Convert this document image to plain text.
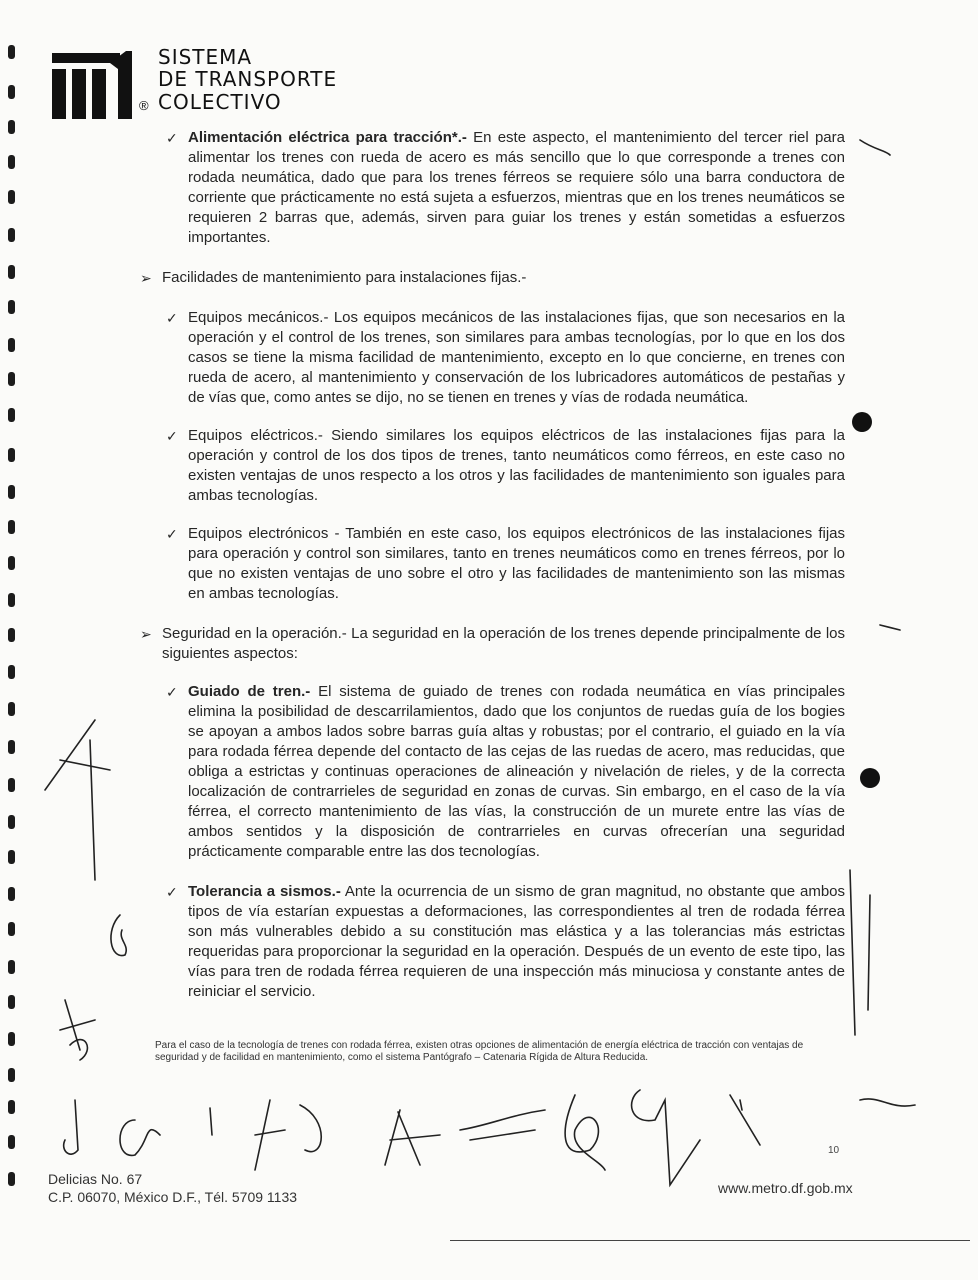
®
SISTEMA
DE TRANSPORTE
COLECTIVO
✓ Alimentación eléctrica para tracción*.- En este aspecto, el mantenimiento del tercer riel para alimentar los trenes con rueda de acero es más sencillo que lo que corresponde a trenes con rodada neumática, dado que para los trenes férreos se requiere sólo una barra conductora de corriente que prácticamente no está sujeta a esfuerzos, mientras que en los trenes neumáticos se requieren 2 barras que, además, sirven para guiar los trenes y están sometidas a esfuerzos importantes.
➢ Facilidades de mantenimiento para instalaciones fijas.-
✓ Equipos mecánicos.- Los equipos mecánicos de las instalaciones fijas, que son necesarios en la operación y el control de los trenes, son similares para ambas tecnologías, por lo que en los dos casos se tiene la misma facilidad de mantenimiento, excepto en lo que concierne, en trenes con rueda de acero, al mantenimiento y conservación de los lubricadores automáticos de pestañas y de vías que, como antes se dijo, no se tienen en trenes y vías de rodada neumática.
✓ Equipos eléctricos.- Siendo similares los equipos eléctricos de las instalaciones fijas para la operación y control de los dos tipos de trenes, tanto neumáticos como férreos, en este caso no existen ventajas de unos respecto a los otros y las facilidades de mantenimiento son iguales para ambas tecnologías.
✓ Equipos electrónicos - También en este caso, los equipos electrónicos de las instalaciones fijas para operación y control son similares, tanto en trenes neumáticos como en trenes férreos, por lo que no existen ventajas de uno sobre el otro y las facilidades de mantenimiento son las mismas en ambas tecnologías.
➢ Seguridad en la operación.- La seguridad en la operación de los trenes depende principalmente de los siguientes aspectos:
✓ Guiado de tren.- El sistema de guiado de trenes con rodada neumática en vías principales elimina la posibilidad de descarrilamientos, dado que los conjuntos de ruedas guía de los bogies se apoyan a ambos lados sobre barras guía altas y robustas; por el contrario, el guiado en la vía para rodada férrea depende del contacto de las cejas de las ruedas de acero, mas reducidas, que obliga a estrictas y continuas operaciones de alineación y nivelación de rieles, y de la correcta localización de contrarrieles de seguridad en zonas de curvas. Sin embargo, en el caso de la vía férrea, el correcto mantenimiento de las vías, la construcción de un murete entre las vías de ambos sentidos y la disposición de contrarrieles en curvas ofrecerían una seguridad prácticamente comparable entre las dos tecnologías.
✓ Tolerancia a sismos.- Ante la ocurrencia de un sismo de gran magnitud, no obstante que ambos tipos de vía estarían expuestas a deformaciones, las correspondientes al tren de rodada férrea son más vulnerables debido a su constitución mas elástica y a las tolerancias más estrictas requeridas para proporcionar la seguridad en la operación. Después de un evento de este tipo, las vías para tren de rodada férrea requieren de una inspección más minuciosa y constante antes de reiniciar el servicio.

Para el caso de la tecnología de trenes con rodada férrea, existen otras opciones de alimentación de energía eléctrica de tracción con ventajas de seguridad y de facilidad en mantenimiento, como el sistema Pantógrafo – Catenaria Rígida de Altura Reducida.

10
Delicias No. 67
C.P. 06070, México D.F., Tél. 5709 1133
www.metro.df.gob.mx
